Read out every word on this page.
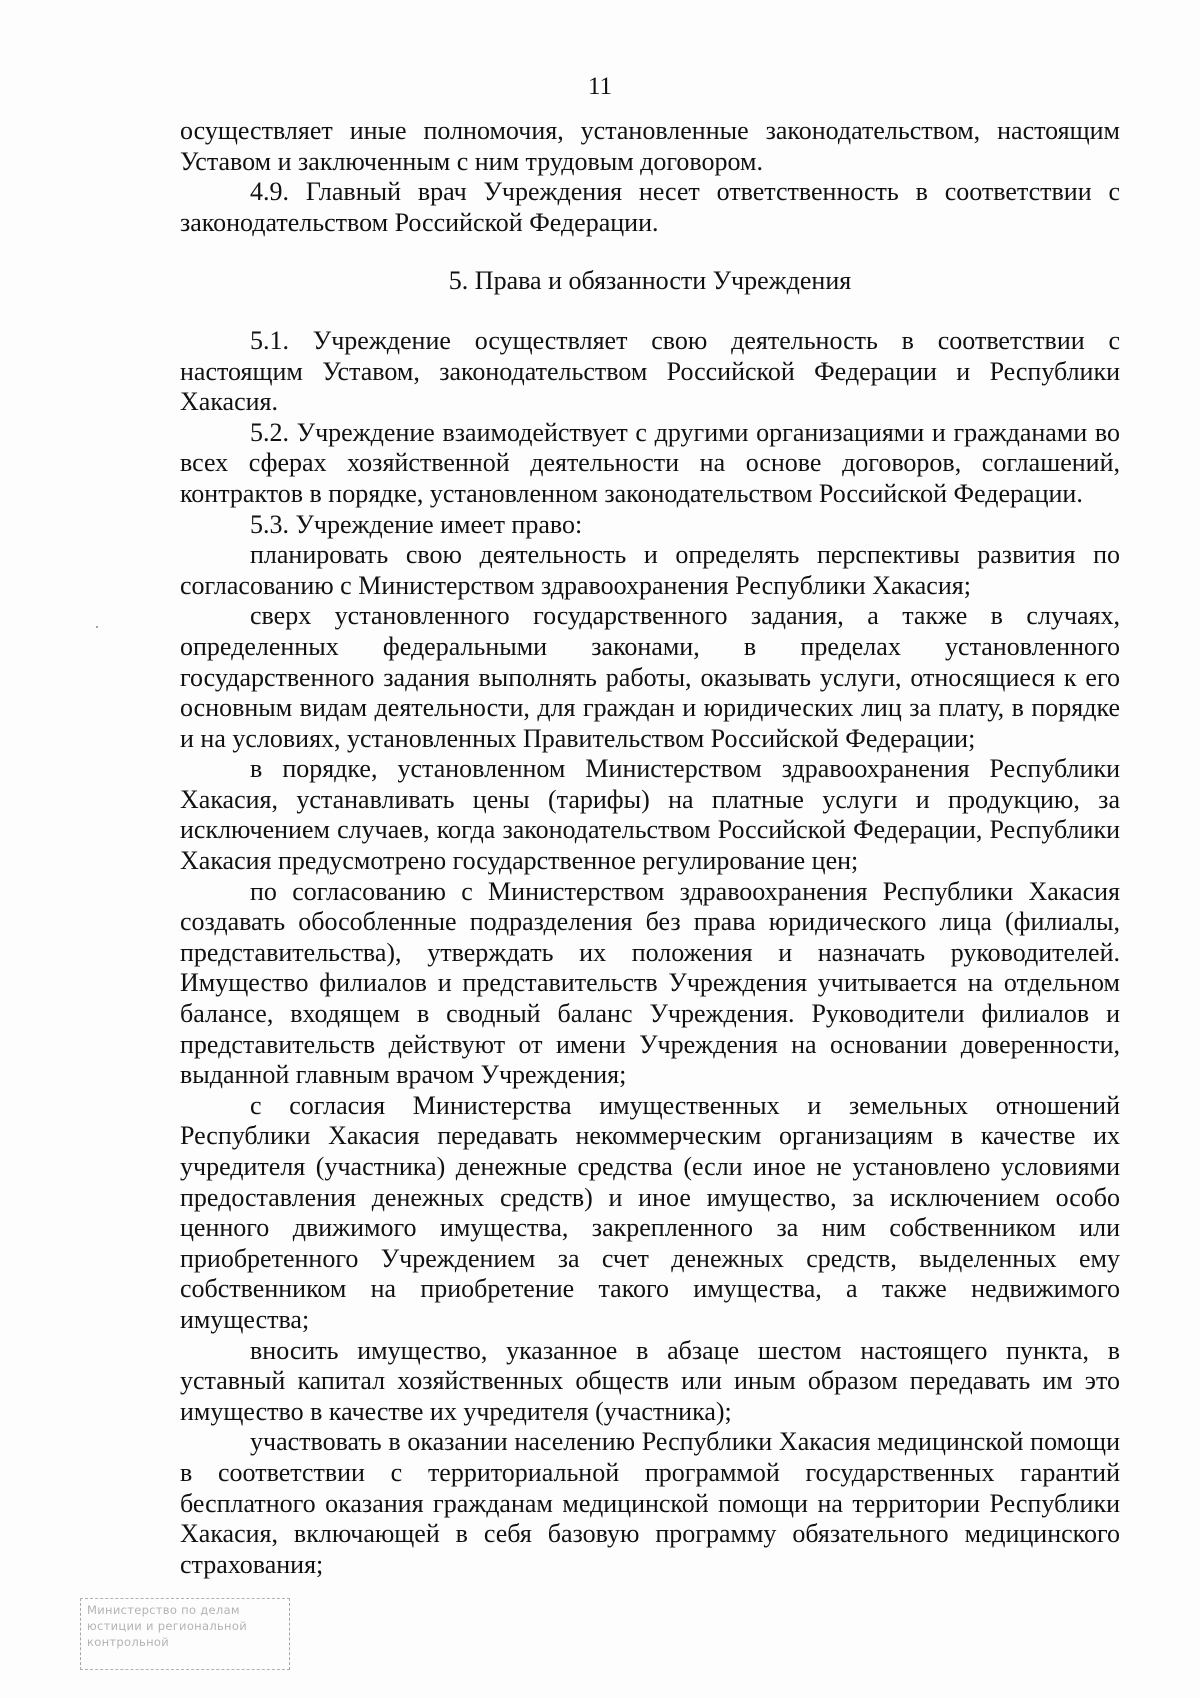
11

осуществляет иные полномочия, установленные законодательством, настоящим Уставом и заключенным с ним трудовым договором.

4.9. Главный врач Учреждения несет ответственность в соответствии с законодательством Российской Федерации.

5. Права и обязанности Учреждения

5.1. Учреждение осуществляет свою деятельность в соответствии с настоящим Уставом, законодательством Российской Федерации и Республики Хакасия.

5.2. Учреждение взаимодействует с другими организациями и гражданами во всех сферах хозяйственной деятельности на основе договоров, соглашений, контрактов в порядке, установленном законодательством Российской Федерации.

5.3. Учреждение имеет право:

планировать свою деятельность и определять перспективы развития по согласованию с Министерством здравоохранения Республики Хакасия;

сверх установленного государственного задания, а также в случаях, определенных федеральными законами, в пределах установленного государственного задания выполнять работы, оказывать услуги, относящиеся к его основным видам деятельности, для граждан и юридических лиц за плату, в порядке и на условиях, установленных Правительством Российской Федерации;

в порядке, установленном Министерством здравоохранения Республики Хакасия, устанавливать цены (тарифы) на платные услуги и продукцию, за исключением случаев, когда законодательством Российской Федерации, Республики Хакасия предусмотрено государственное регулирование цен;

по согласованию с Министерством здравоохранения Республики Хакасия создавать обособленные подразделения без права юридического лица (филиалы, представительства), утверждать их положения и назначать руководителей. Имущество филиалов и представительств Учреждения учитывается на отдельном балансе, входящем в сводный баланс Учреждения. Руководители филиалов и представительств действуют от имени Учреждения на основании доверенности, выданной главным врачом Учреждения;

с согласия Министерства имущественных и земельных отношений Республики Хакасия передавать некоммерческим организациям в качестве их учредителя (участника) денежные средства (если иное не установлено условиями предоставления денежных средств) и иное имущество, за исключением особо ценного движимого имущества, закрепленного за ним собственником или приобретенного Учреждением за счет денежных средств, выделенных ему собственником на приобретение такого имущества, а также недвижимого имущества;

вносить имущество, указанное в абзаце шестом настоящего пункта, в уставный капитал хозяйственных обществ или иным образом передавать им это имущество в качестве их учредителя (участника);

участвовать в оказании населению Республики Хакасия медицинской помощи в соответствии с территориальной программой государственных гарантий бесплатного оказания гражданам медицинской помощи на территории Республики Хакасия, включающей в себя базовую программу обязательного медицинского страхования;

Министерство по делам
юстиции и региональной
контрольной
